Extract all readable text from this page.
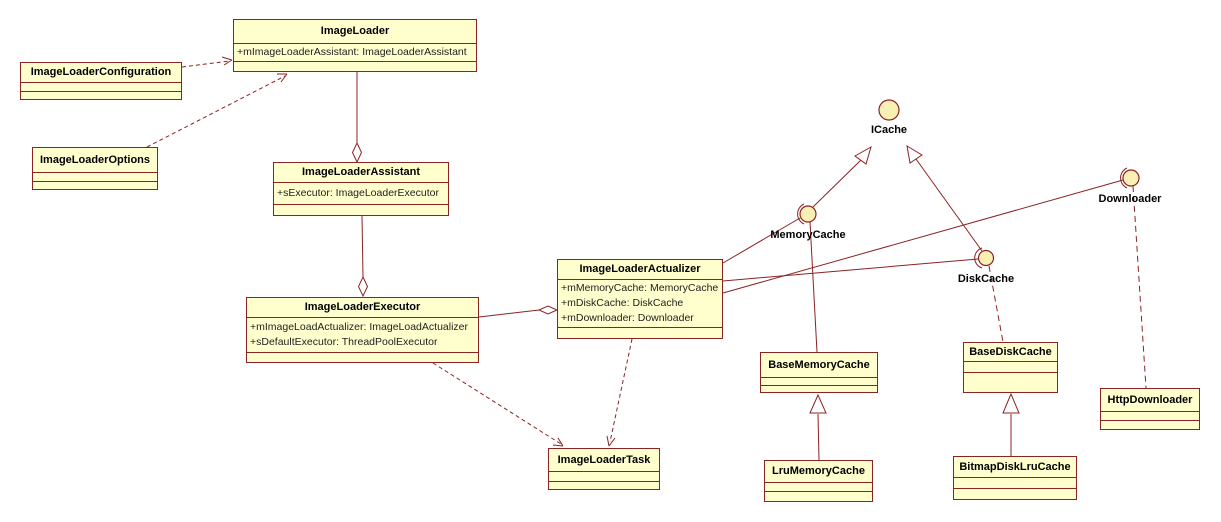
ICache
MemoryCache
DiskCache
Downloader
ImageLoaderConfiguration
ImageLoader
+mImageLoaderAssistant: ImageLoaderAssistant
ImageLoaderOptions
ImageLoaderAssistant
+sExecutor: ImageLoaderExecutor
ImageLoaderExecutor
+mImageLoadActualizer: ImageLoadActualizer
+sDefaultExecutor: ThreadPoolExecutor
ImageLoaderActualizer
+mMemoryCache: MemoryCache
+mDiskCache: DiskCache
+mDownloader: Downloader
ImageLoaderTask
BaseMemoryCache
LruMemoryCache
BaseDiskCache
BitmapDiskLruCache
HttpDownloader
